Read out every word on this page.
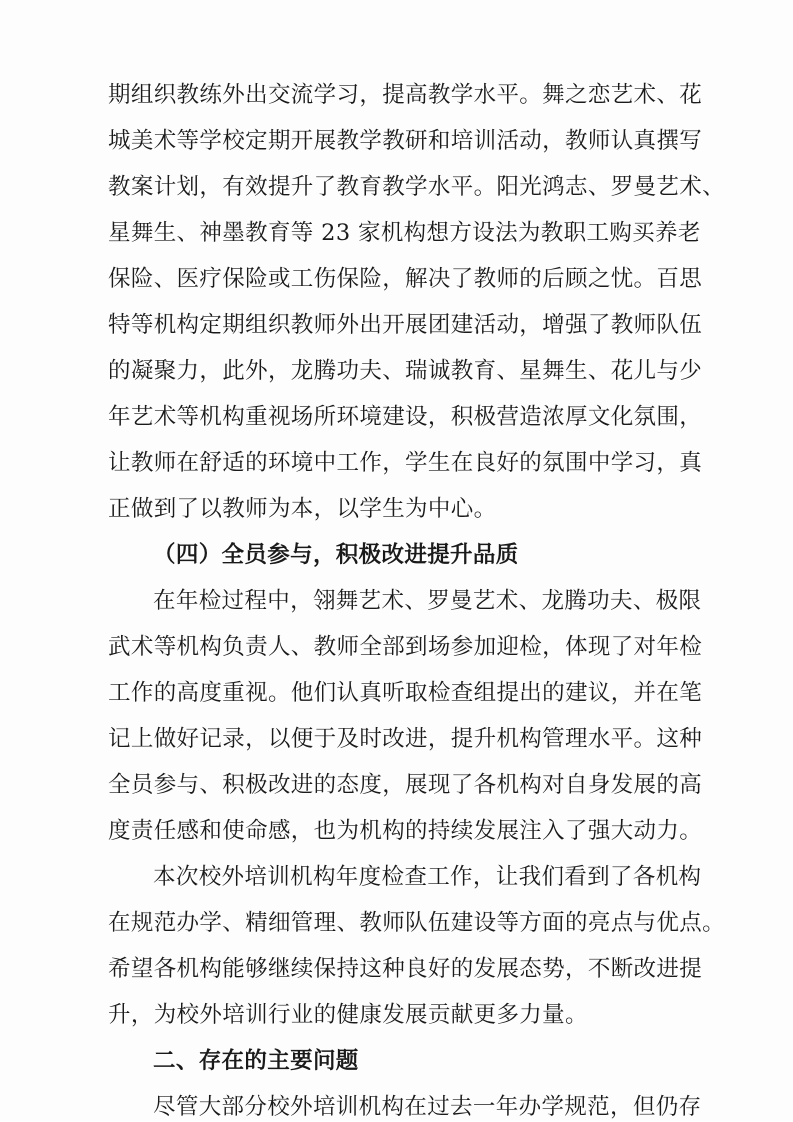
期组织教练外出交流学习，提高教学水平。舞之恋艺术、花
城美术等学校定期开展教学教研和培训活动，教师认真撰写
教案计划，有效提升了教育教学水平。阳光鸿志、罗曼艺术、
星舞生、神墨教育等 23 家机构想方设法为教职工购买养老
保险、医疗保险或工伤保险，解决了教师的后顾之忧。百思
特等机构定期组织教师外出开展团建活动，增强了教师队伍
的凝聚力，此外，龙腾功夫、瑞诚教育、星舞生、花儿与少
年艺术等机构重视场所环境建设，积极营造浓厚文化氛围，
让教师在舒适的环境中工作，学生在良好的氛围中学习，真
正做到了以教师为本，以学生为中心。
（四）全员参与，积极改进提升品质
在年检过程中，翎舞艺术、罗曼艺术、龙腾功夫、极限
武术等机构负责人、教师全部到场参加迎检，体现了对年检
工作的高度重视。他们认真听取检查组提出的建议，并在笔
记上做好记录，以便于及时改进，提升机构管理水平。这种
全员参与、积极改进的态度，展现了各机构对自身发展的高
度责任感和使命感，也为机构的持续发展注入了强大动力。
本次校外培训机构年度检查工作，让我们看到了各机构
在规范办学、精细管理、教师队伍建设等方面的亮点与优点。
希望各机构能够继续保持这种良好的发展态势，不断改进提
升，为校外培训行业的健康发展贡献更多力量。
二、存在的主要问题
尽管大部分校外培训机构在过去一年办学规范，但仍存
